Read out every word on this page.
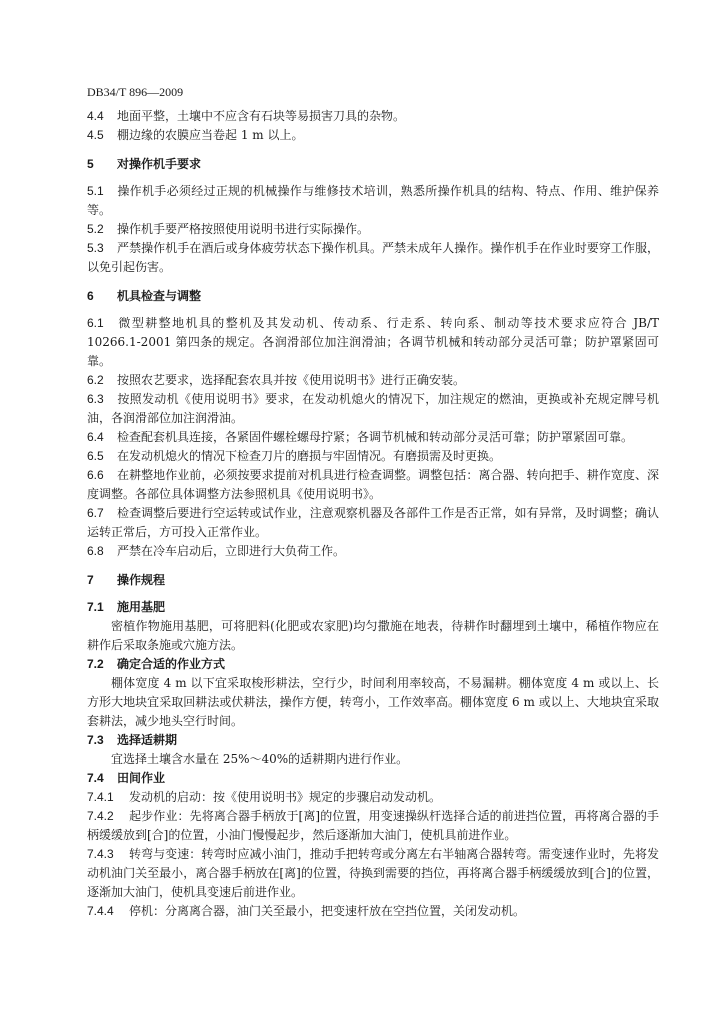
DB34/T 896—2009
4.4 地面平整，土壤中不应含有石块等易损害刀具的杂物。
4.5 棚边缘的农膜应当卷起 1 m 以上。
5 对操作机手要求
5.1 操作机手必须经过正规的机械操作与维修技术培训，熟悉所操作机具的结构、特点、作用、维护保养等。
5.2 操作机手要严格按照使用说明书进行实际操作。
5.3 严禁操作机手在酒后或身体疲劳状态下操作机具。严禁未成年人操作。操作机手在作业时要穿工作服，以免引起伤害。
6 机具检查与调整
6.1 微型耕整地机具的整机及其发动机、传动系、行走系、转向系、制动等技术要求应符合 JB/T 10266.1-2001 第四条的规定。各润滑部位加注润滑油；各调节机械和转动部分灵活可靠；防护罩紧固可靠。
6.2 按照农艺要求，选择配套农具并按《使用说明书》进行正确安装。
6.3 按照发动机《使用说明书》要求，在发动机熄火的情况下，加注规定的燃油，更换或补充规定牌号机油，各润滑部位加注润滑油。
6.4 检查配套机具连接，各紧固件螺栓螺母拧紧；各调节机械和转动部分灵活可靠；防护罩紧固可靠。
6.5 在发动机熄火的情况下检查刀片的磨损与牢固情况。有磨损需及时更换。
6.6 在耕整地作业前，必须按要求提前对机具进行检查调整。调整包括：离合器、转向把手、耕作宽度、深度调整。各部位具体调整方法参照机具《使用说明书》。
6.7 检查调整后要进行空运转或试作业，注意观察机器及各部件工作是否正常，如有异常，及时调整；确认运转正常后，方可投入正常作业。
6.8 严禁在冷车启动后，立即进行大负荷工作。
7 操作规程
7.1 施用基肥
密植作物施用基肥，可将肥料(化肥或农家肥)均匀撒施在地表，待耕作时翻埋到土壤中，稀植作物应在耕作后采取条施或穴施方法。
7.2 确定合适的作业方式
棚体宽度 4 m 以下宜采取梭形耕法，空行少，时间利用率较高，不易漏耕。棚体宽度 4 m 或以上、长方形大地块宜采取回耕法或伏耕法，操作方便，转弯小，工作效率高。棚体宽度 6 m 或以上、大地块宜采取套耕法，减少地头空行时间。
7.3 选择适耕期
宜选择土壤含水量在 25%～40%的适耕期内进行作业。
7.4 田间作业
7.4.1 发动机的启动：按《使用说明书》规定的步骤启动发动机。
7.4.2 起步作业：先将离合器手柄放于[离]的位置，用变速操纵杆选择合适的前进挡位置，再将离合器的手柄缓缓放到[合]的位置，小油门慢慢起步，然后逐渐加大油门，使机具前进作业。
7.4.3 转弯与变速：转弯时应减小油门，推动手把转弯或分离左右半轴离合器转弯。需变速作业时，先将发动机油门关至最小，离合器手柄放在[离]的位置，待换到需要的挡位，再将离合器手柄缓缓放到[合]的位置，逐渐加大油门，使机具变速后前进作业。
7.4.4 停机：分离离合器，油门关至最小，把变速杆放在空挡位置，关闭发动机。
